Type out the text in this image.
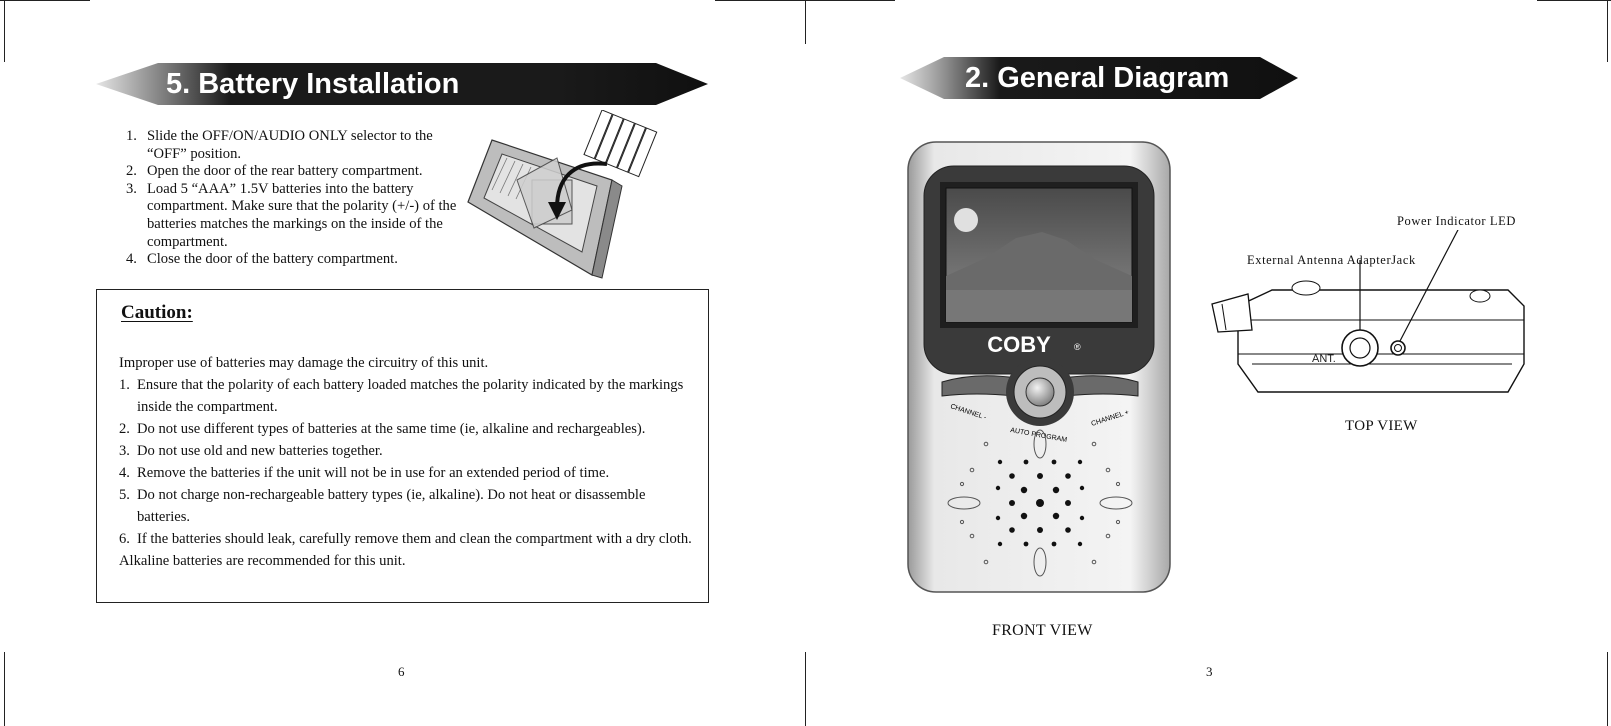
5. Battery Installation
1. Slide the OFF/ON/AUDIO ONLY selector to the “OFF” position.
2. Open the door of the rear battery compartment.
3. Load 5 “AAA” 1.5V batteries into the battery compartment. Make sure that the polarity (+/-) of the batteries matches the markings on the inside of the compartment.
4. Close the door of the battery compartment.
Caution:
Improper use of batteries may damage the circuitry of this unit.
1. Ensure that the polarity of each battery loaded matches the polarity indicated by the markings inside the compartment.
2. Do not use different types of batteries at the same time (ie, alkaline and rechargeables).
3. Do not use old and new batteries together.
4. Remove the batteries if the unit will not be in use for an extended period of time.
5. Do not charge non-rechargeable battery types (ie, alkaline). Do not heat or disassemble batteries.
6. If the batteries should leak, carefully remove them and clean the compartment with a dry cloth.
Alkaline batteries are recommended for this unit.
6
2. General Diagram
COBY	®
CHANNEL -	CHANNEL +
AUTO PROGRAM
FRONT VIEW
ANT.
Power Indicator LED
External Antenna AdapterJack
TOP VIEW
3
